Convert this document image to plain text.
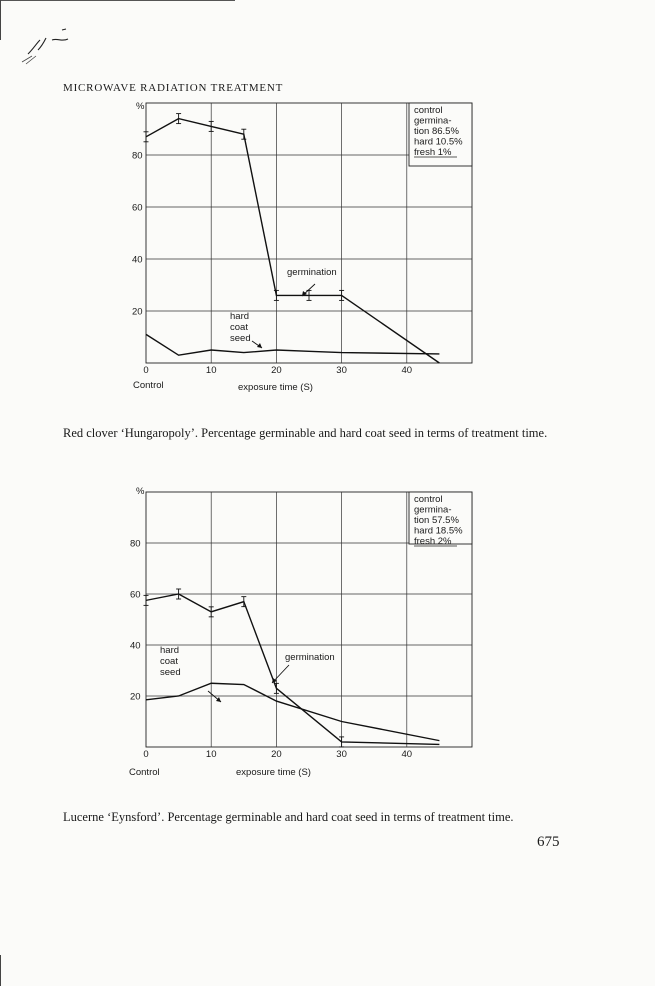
MICROWAVE RADIATION TREATMENT
0	10	20	30	40
20
40
60
80
%
Control	exposure time (S)
control
germina-
tion 86.5%
hard 10.5%
fresh 1%
germination
hard
coat
seed
Red clover ‘Hungaropoly’. Percentage germinable and hard coat seed in terms of treatment time.
0	10	20	30	40
20
40
60
80
%
Control	exposure time (S)
control
germina-
tion 57.5%
hard 18.5%
fresh 2%
germination
hard
coat
seed
Lucerne ‘Eynsford’. Percentage germinable and hard coat seed in terms of treatment time.
675
